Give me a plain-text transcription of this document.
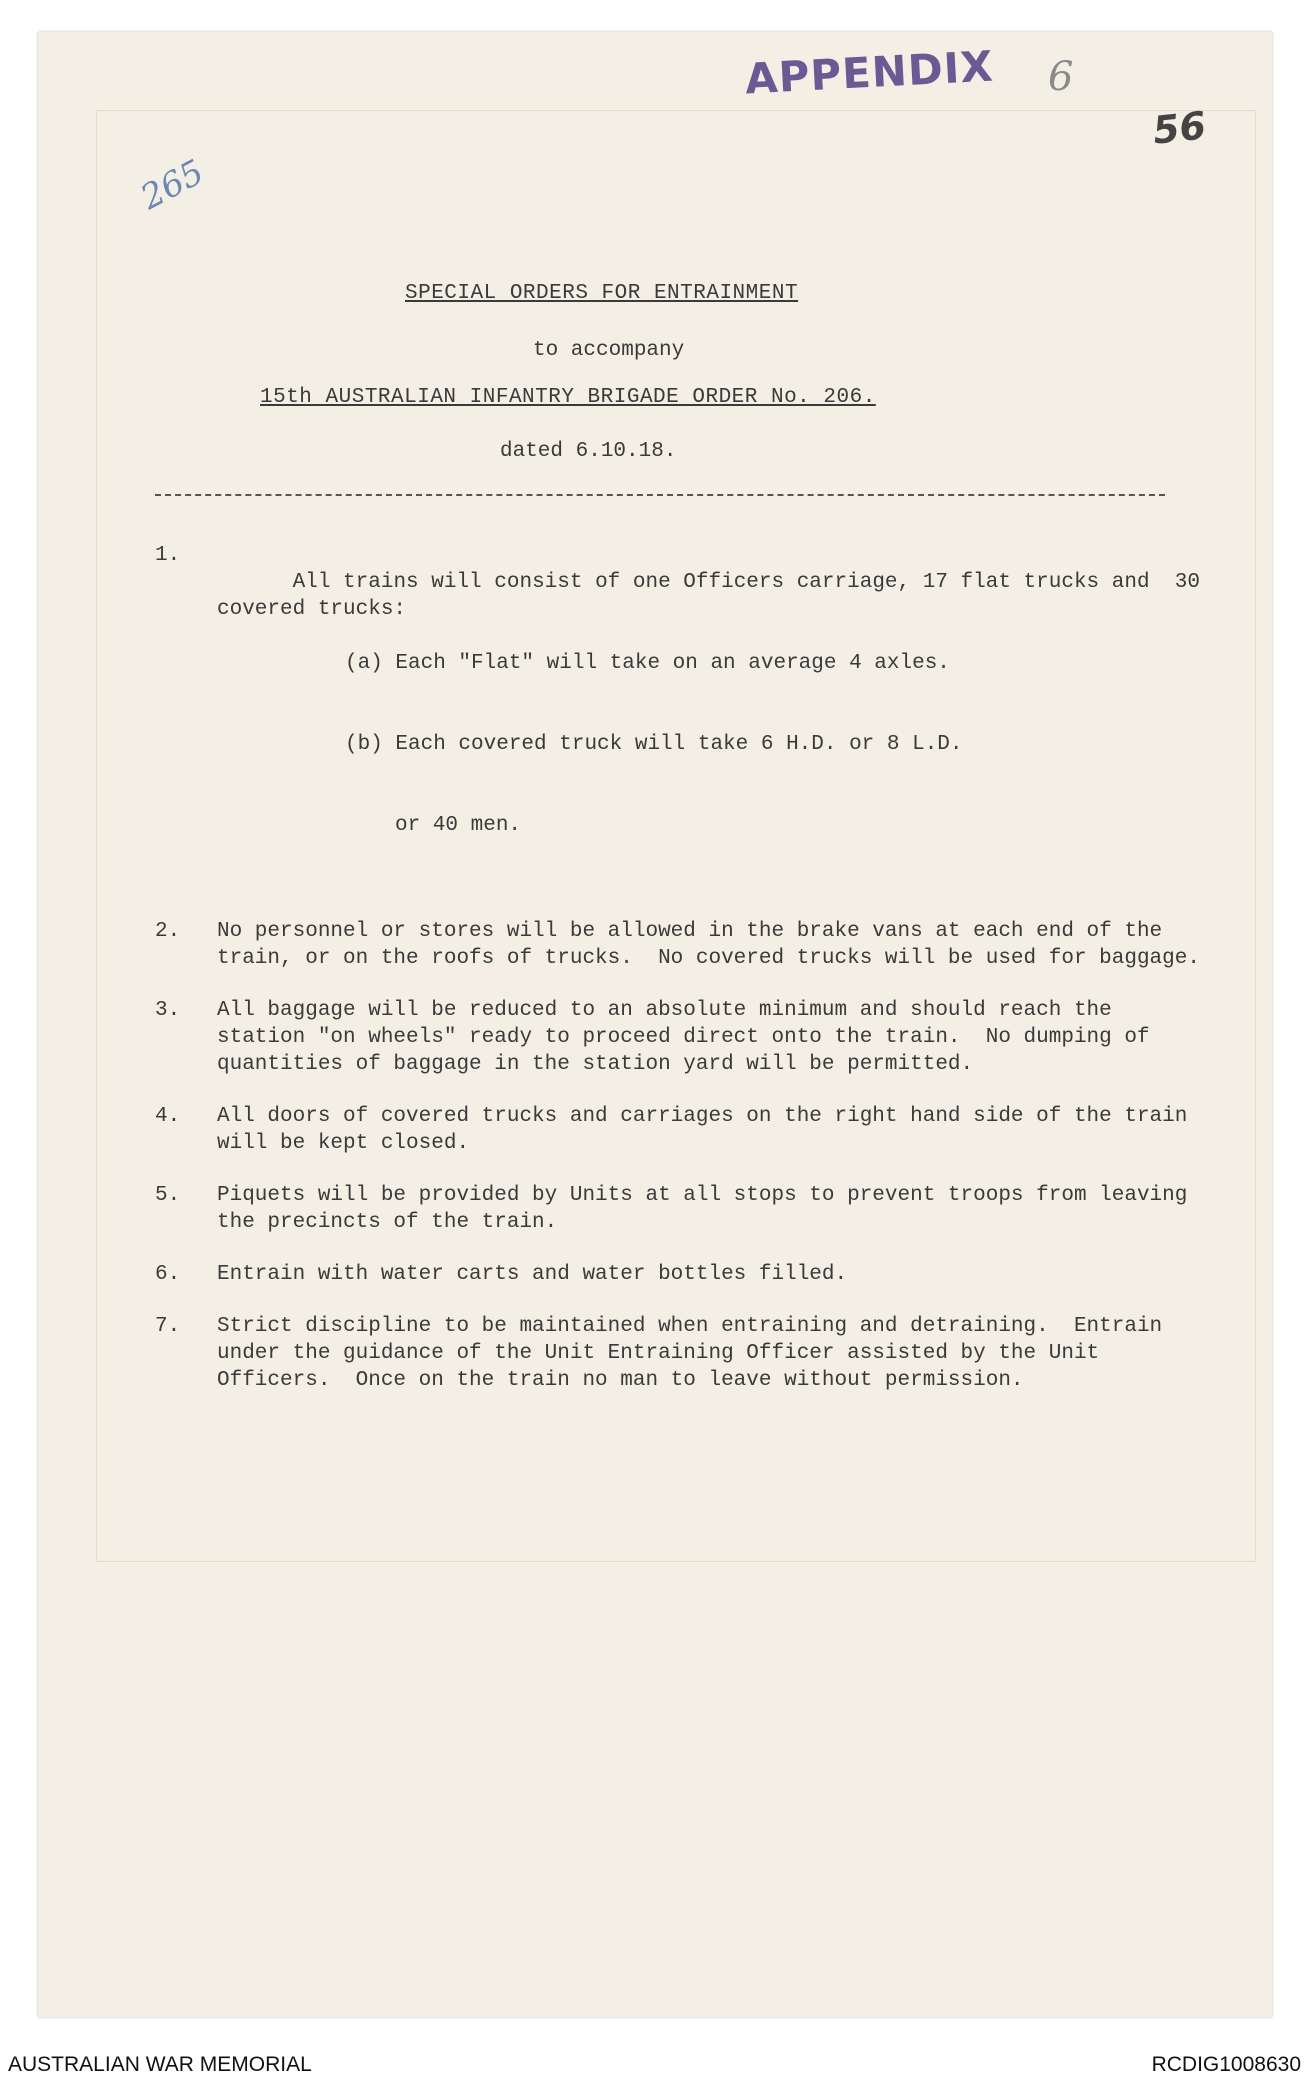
APPENDIX 6
56
265
SPECIAL ORDERS FOR ENTRAINMENT
to accompany
15th AUSTRALIAN INFANTRY BRIGADE ORDER No. 206.
dated 6.10.18.
1.

All trains will consist of one Officers carriage, 17 flat trucks and  30 covered trucks:

(a) Each "Flat" will take on an average 4 axles.

(b) Each covered truck will take 6 H.D. or 8 L.D.

or 40 men.

2.	No personnel or stores will be allowed in the brake vans at each end of the train, or on the roofs of trucks.  No covered trucks will be used for baggage.
3.	All baggage will be reduced to an absolute minimum and should reach the station "on wheels" ready to proceed direct onto the train.  No dumping of quantities of baggage in the station yard will be permitted.
4.	All doors of covered trucks and carriages on the right hand side of the train will be kept closed.
5.	Piquets will be provided by Units at all stops to prevent troops from leaving the precincts of the train.
6.	Entrain with water carts and water bottles filled.
7.	Strict discipline to be maintained when entraining and detraining.  Entrain under the guidance of the Unit Entraining Officer assisted by the Unit Officers.  Once on the train no man to leave without permission.
AUSTRALIAN WAR MEMORIAL	RCDIG1008630
